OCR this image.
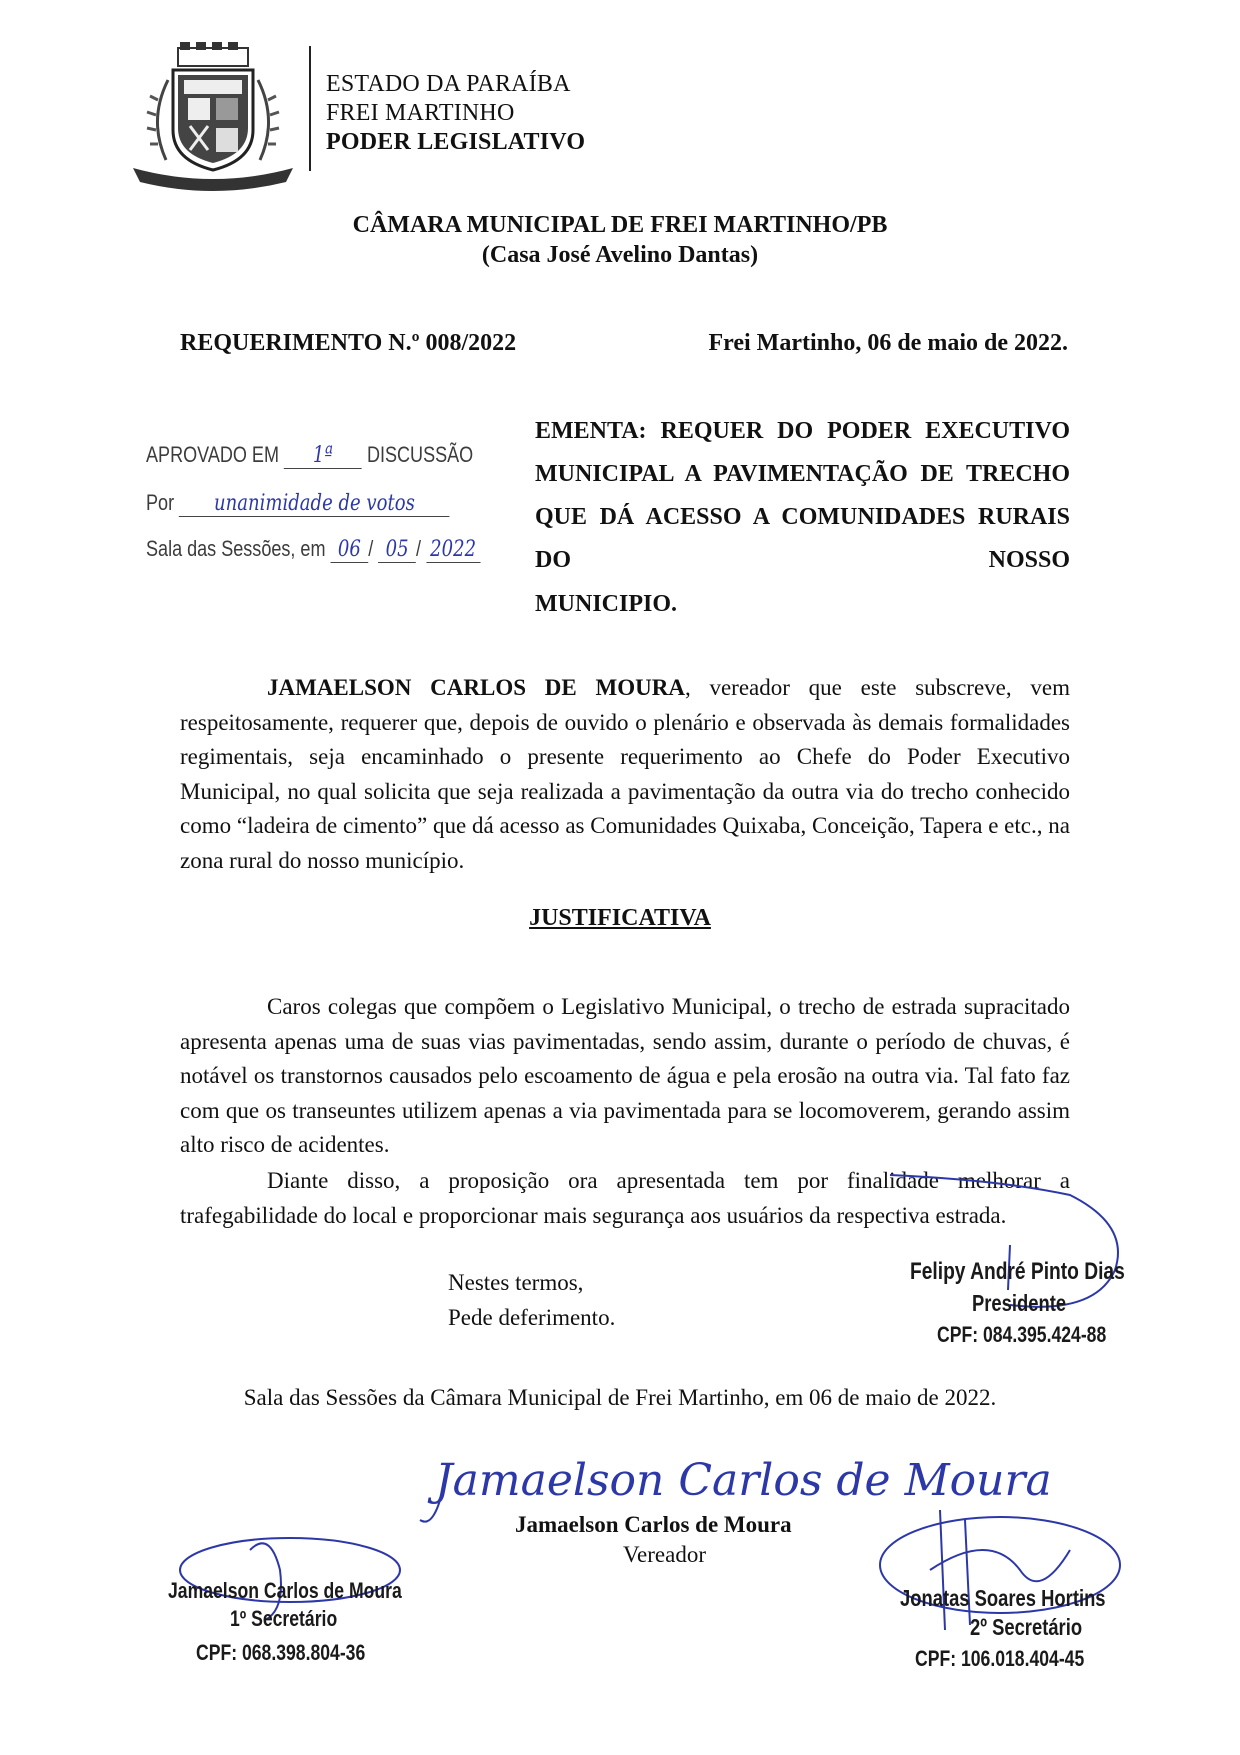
ESTADO DA PARAÍBA
FREI MARTINHO
PODER LEGISLATIVO
CÂMARA MUNICIPAL DE FREI MARTINHO/PB
(Casa José Avelino Dantas)
REQUERIMENTO N.º 008/2022	Frei Martinho, 06 de maio de 2022.
APROVADO EM 1ª DISCUSSÃO
Por unanimidade de votos
Sala das Sessões, em 06 / 05 / 2022
EMENTA: REQUER DO PODER EXECUTIVO MUNICIPAL A PAVIMENTAÇÃO DE TRECHO QUE DÁ ACESSO A COMUNIDADES RURAIS DO NOSSO
MUNICIPIO.
JAMAELSON CARLOS DE MOURA, vereador que este subscreve, vem respeitosamente, requerer que, depois de ouvido o plenário e observada às demais formalidades regimentais, seja encaminhado o presente requerimento ao Chefe do Poder Executivo Municipal, no qual solicita que seja realizada a pavimentação da outra via do trecho conhecido como “ladeira de cimento” que dá acesso as Comunidades Quixaba, Conceição, Tapera e etc., na zona rural do nosso município.
JUSTIFICATIVA
Caros colegas que compõem o Legislativo Municipal, o trecho de estrada supracitado apresenta apenas uma de suas vias pavimentadas, sendo assim, durante o período de chuvas, é notável os transtornos causados pelo escoamento de água e pela erosão na outra via. Tal fato faz com que os transeuntes utilizem apenas a via pavimentada para se locomoverem, gerando assim alto risco de acidentes.
Diante disso, a proposição ora apresentada tem por finalidade melhorar a trafegabilidade do local e proporcionar mais segurança aos usuários da respectiva estrada.
Nestes termos,
Pede deferimento.
Sala das Sessões da Câmara Municipal de Frei Martinho, em 06 de maio de 2022.
Felipy André Pinto Dias
Presidente
CPF: 084.395.424-88
Jamaelson Carlos de Moura
Jamaelson Carlos de Moura
Vereador
Jamaelson Carlos de Moura
1º Secretário
CPF: 068.398.804-36
Jonatas Soares Hortins
2º Secretário
CPF: 106.018.404-45
